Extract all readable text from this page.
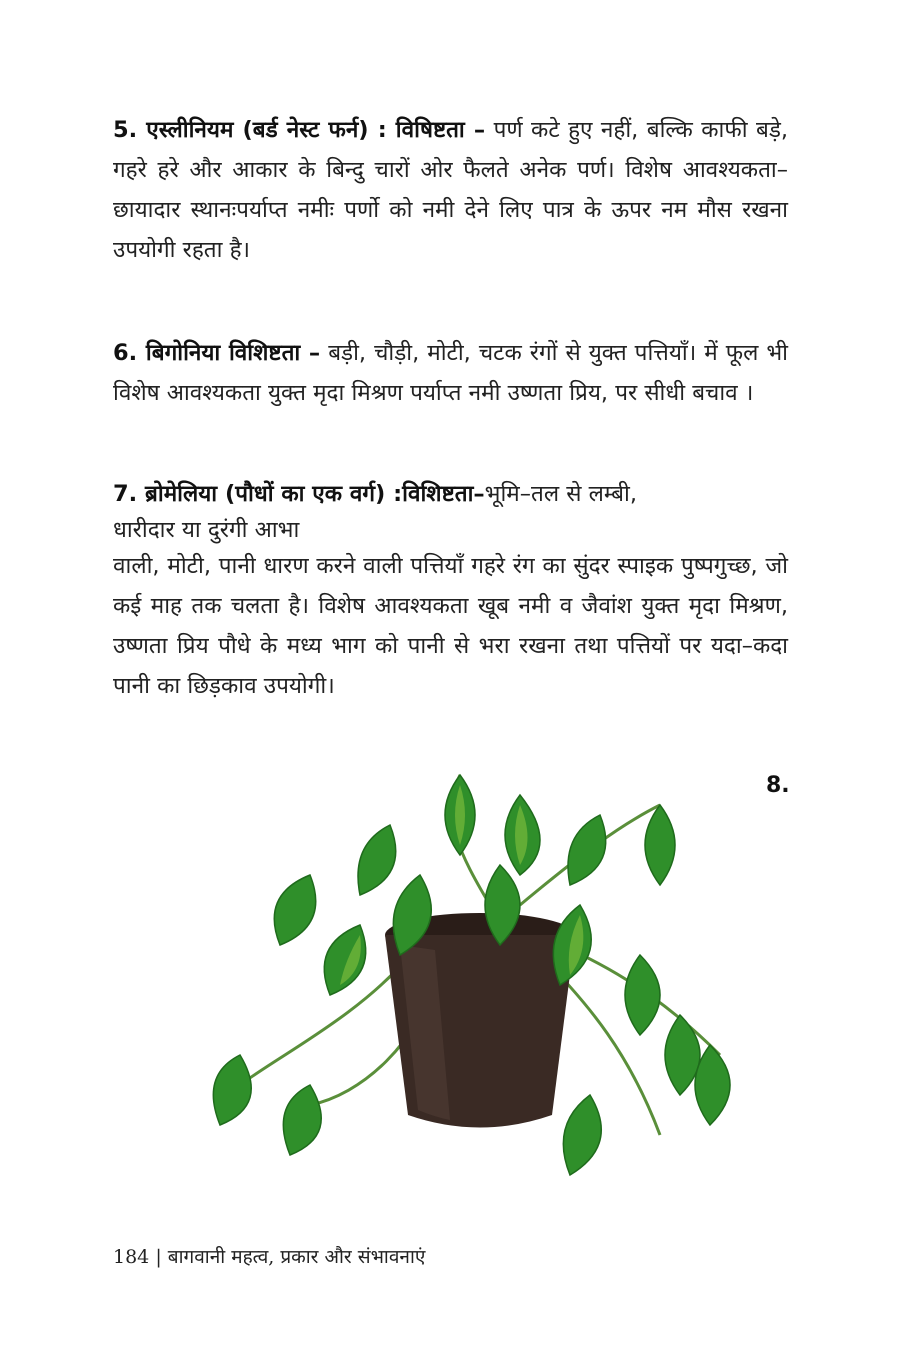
5. एस्लीनियम (बर्ड नेस्ट फर्न) : विषिष्टता – पर्ण कटे हुए नहीं, बल्कि काफी बड़े, गहरे हरे और आकार के बिन्दु चारों ओर फैलते अनेक पर्ण। विशेष आवश्यकता–छायादार स्थानःपर्याप्त नमीः पर्णो को नमी देने लिए पात्र के ऊपर नम मौस रखना उपयोगी रहता है।

6. बिगोनिया विशिष्टता – बड़ी, चौड़ी, मोटी, चटक रंगों से युक्त पत्तियाँ। में फूल भी विशेष आवश्यकता युक्त मृदा मिश्रण पर्याप्त नमी उष्णता प्रिय, पर सीधी बचाव ।

7. ब्रोमेलिया (पौधों का एक वर्ग) :विशिष्टता–भूमि–तल से लम्बी,
धारीदार या दुरंगी आभा
वाली, मोटी, पानी धारण करने वाली पत्तियाँ गहरे रंग का सुंदर स्पाइक पुष्पगुच्छ, जो कई माह तक चलता है। विशेष आवश्यकता खूब नमी व जैवांश युक्त मृदा मिश्रण, उष्णता प्रिय पौधे के मध्य भाग को पानी से भरा रखना तथा पत्तियों पर यदा–कदा पानी का छिड़काव उपयोगी।
8.
184 | बागवानी महत्व, प्रकार और संभावनाएं
